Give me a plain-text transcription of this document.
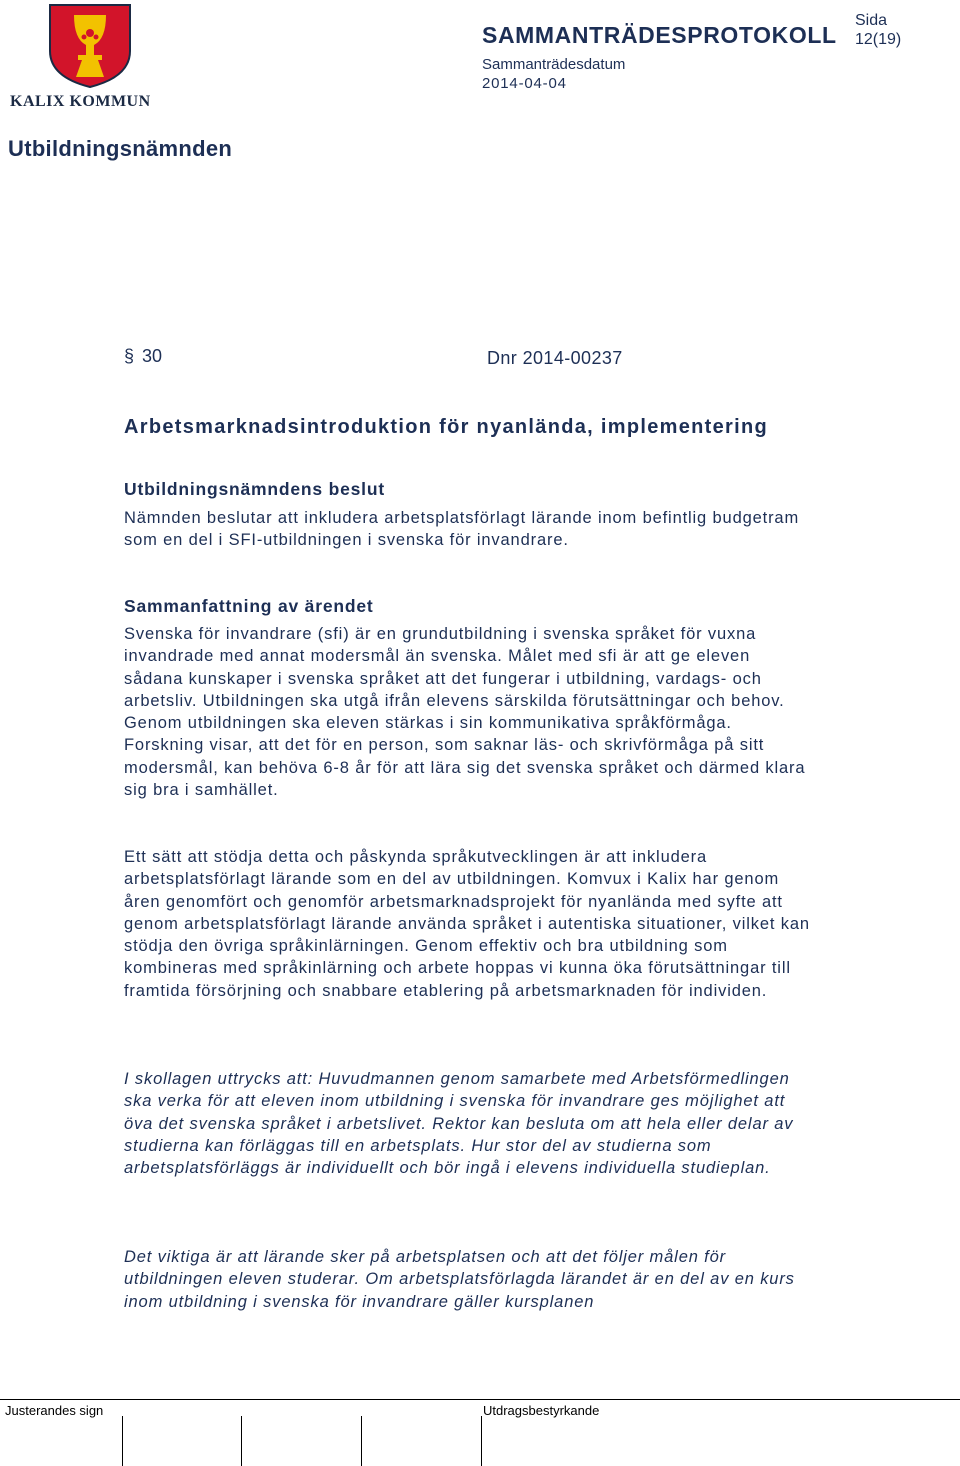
KALIX KOMMUN
SAMMANTRÄDESPROTOKOLL
Sida
12(19)
Sammanträdesdatum
2014-04-04
Utbildningsnämnden
§ 30	Dnr 2014-00237
Arbetsmarknadsintroduktion för nyanlända, implementering
Utbildningsnämndens beslut

Nämnden beslutar att inkludera arbetsplatsförlagt lärande inom befintlig budgetram som en del i SFI-utbildningen i svenska för invandrare.

Sammanfattning av ärendet

Svenska för invandrare (sfi) är en grundutbildning i svenska språket för vuxna invandrade med annat modersmål än svenska. Målet med sfi är att ge eleven sådana kunskaper i svenska språket att det fungerar i utbildning, vardags- och arbetsliv. Utbildningen ska utgå ifrån elevens särskilda förutsättningar och behov. Genom utbildningen ska eleven stärkas i sin kommunikativa språkförmåga. Forskning visar, att det för en person, som saknar läs- och skrivförmåga på sitt modersmål, kan behöva 6-8 år för att lära sig det svenska språket och därmed klara sig bra i samhället.

Ett sätt att stödja detta och påskynda språkutvecklingen är att inkludera arbetsplatsförlagt lärande som en del av utbildningen. Komvux i Kalix har genom åren genomfört och genomför arbetsmarknadsprojekt för nyanlända med syfte att genom arbetsplatsförlagt lärande använda språket i autentiska situationer, vilket kan stödja den övriga språkinlärningen. Genom effektiv och bra utbildning som kombineras med språkinlärning och arbete hoppas vi kunna öka förutsättningar till framtida försörjning och snabbare etablering på arbetsmarknaden för individen.

I skollagen uttrycks att: Huvudmannen genom samarbete med Arbetsförmedlingen ska verka för att eleven inom utbildning i svenska för invandrare ges möjlighet att öva det svenska språket i arbetslivet. Rektor kan besluta om att hela eller delar av studierna kan förläggas till en arbetsplats. Hur stor del av studierna som arbetsplatsförläggs är individuellt och bör ingå i elevens individuella studieplan.

Det viktiga är att lärande sker på arbetsplatsen och att det följer målen för utbildningen eleven studerar. Om arbetsplatsförlagda lärandet är en del av en kurs inom utbildning i svenska för invandrare gäller kursplanen

Justerandes sign	Utdragsbestyrkande
